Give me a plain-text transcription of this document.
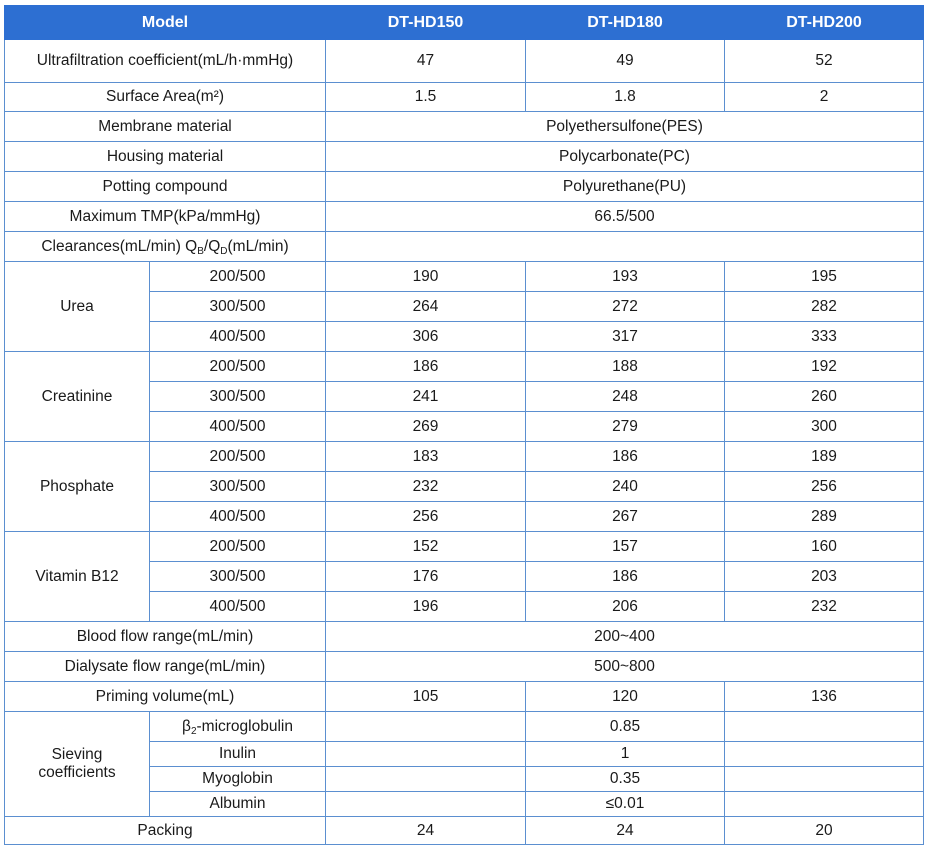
Model		DT-HD150	DT-HD180	DT-HD200
Ultrafiltration coefficient(mL/h·mmHg)		47	49	52
Surface Area(m²)		1.5	1.8	2
Membrane material		Polyethersulfone(PES)		
Housing material		Polycarbonate(PC)		
Potting compound		Polyurethane(PU)		
Maximum TMP(kPa/mmHg)		66.5/500		
Clearances(mL/min) $Q_B/Q_D(mL/\min)$				
Urea	200/500	190	193	195
	300/500	264	272	282
	400/500	306	317	333
Creatinine	200/500	186	188	192
	300/500	241	248	260
	400/500	269	279	300
Phosphate	200/500	183	186	189
	300/500	232	240	256
	400/500	256	267	289
Vitamin B12	200/500	152	157	160
	300/500	176	186	203
	400/500	196	206	232
Blood flow range(mL/min)		200~400		
Dialysate flow range(mL/min)		500~800		
Priming volume(mL)		105	120	136
Sieving
coefficients	$\beta_2$-microglobulin		0.85	
	Inulin		1	
	Myoglobin		0.35	
	Albumin		≤0.01	
Packing		24	24	20
